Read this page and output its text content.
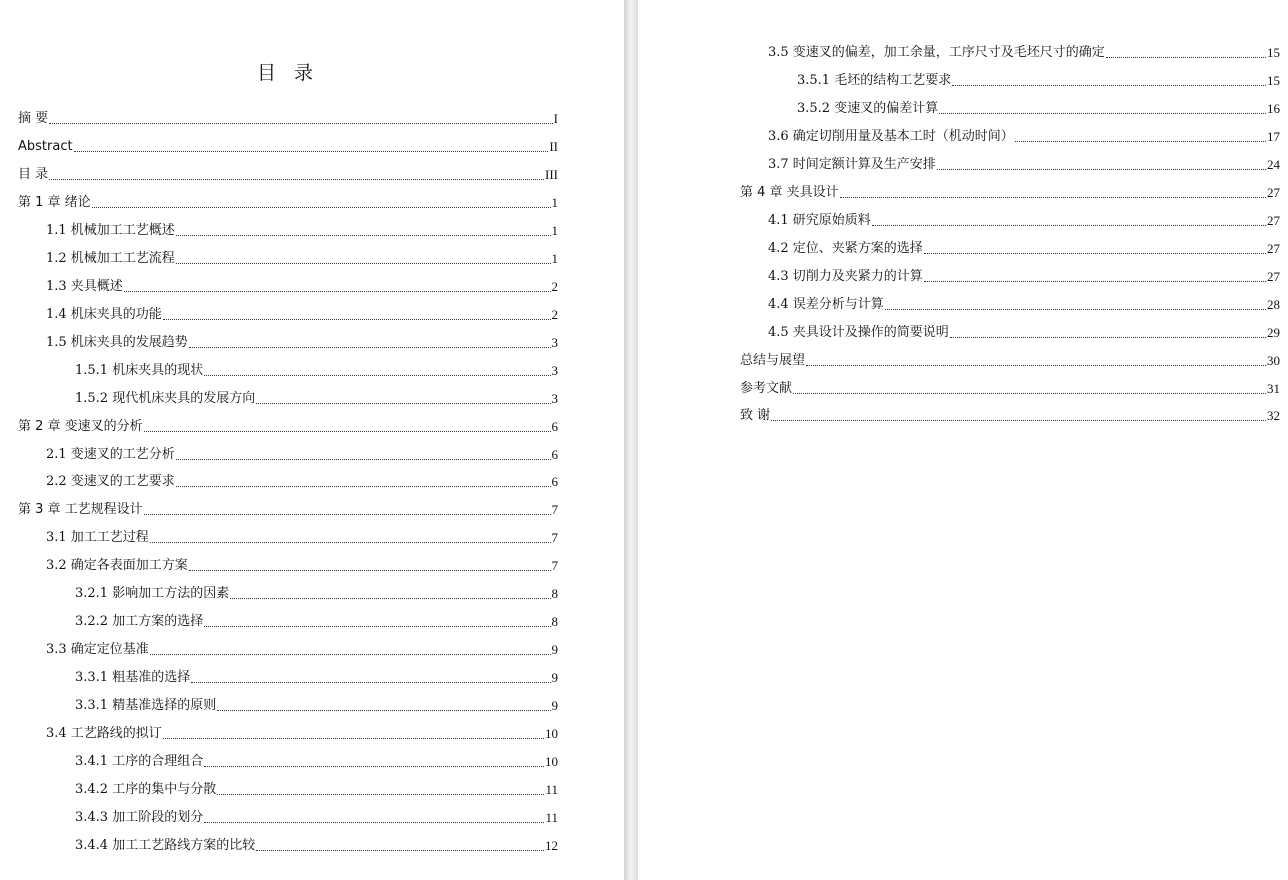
目 录
摘 要	I
Abstract	II
目 录	III
第 1 章 绪论	1
1.1 机械加工工艺概述	1
1.2 机械加工工艺流程	1
1.3 夹具概述	2
1.4 机床夹具的功能	2
1.5 机床夹具的发展趋势	3
1.5.1 机床夹具的现状	3
1.5.2 现代机床夹具的发展方向	3
第 2 章 变速叉的分析	6
2.1 变速叉的工艺分析	6
2.2 变速叉的工艺要求	6
第 3 章 工艺规程设计	7
3.1 加工工艺过程	7
3.2 确定各表面加工方案	7
3.2.1 影响加工方法的因素	8
3.2.2 加工方案的选择	8
3.3 确定定位基准	9
3.3.1 粗基准的选择	9
3.3.1 精基准选择的原则	9
3.4 工艺路线的拟订	10
3.4.1 工序的合理组合	10
3.4.2 工序的集中与分散	11
3.4.3 加工阶段的划分	11
3.4.4 加工工艺路线方案的比较	12
3.5 变速叉的偏差，加工余量，工序尺寸及毛坯尺寸的确定	15
3.5.1 毛坯的结构工艺要求	15
3.5.2 变速叉的偏差计算	16
3.6 确定切削用量及基本工时（机动时间）	17
3.7 时间定额计算及生产安排	24
第 4 章 夹具设计	27
4.1 研究原始质料	27
4.2 定位、夹紧方案的选择	27
4.3 切削力及夹紧力的计算	27
4.4 误差分析与计算	28
4.5 夹具设计及操作的简要说明	29
总结与展望	30
参考文献	31
致 谢	32
